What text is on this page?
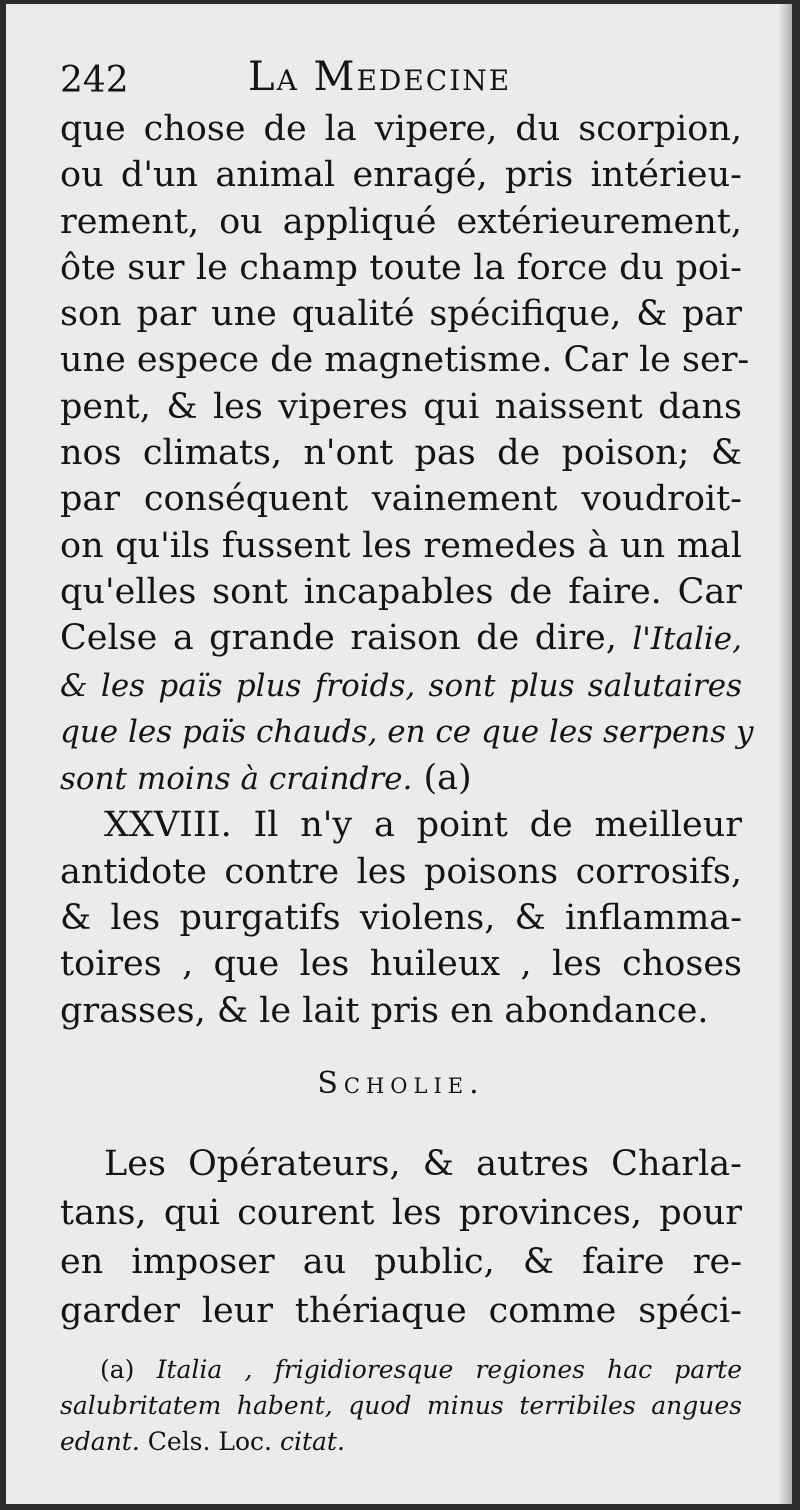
242	La Medecine
que chose de la vipere, du scorpion,
ou d'un animal enragé, pris intérieu-
rement, ou appliqué extérieurement,
ôte sur le champ toute la force du poi-
son par une qualité spécifique, & par
une espece de magnetisme. Car le ser-
pent, & les viperes qui naissent dans
nos climats, n'ont pas de poison; &
par conséquent vainement voudroit-
on qu'ils fussent les remedes à un mal
qu'elles sont incapables de faire. Car
Celse a grande raison de dire, l'Italie,
& les païs plus froids, sont plus salutaires
que les païs chauds, en ce que les serpens y
sont moins à craindre. (a)
XXVIII. Il n'y a point de meilleur
antidote contre les poisons corrosifs,
& les purgatifs violens, & inflamma-
toires , que les huileux , les choses
grasses, & le lait pris en abondance.
Scholie.
Les Opérateurs, & autres Charla-
tans, qui courent les provinces, pour
en imposer au public, & faire re-
garder leur thériaque comme spéci-
(a) Italia , frigidioresque regiones hac parte
salubritatem habent, quod minus terribiles angues
edant. Cels. Loc. citat.
